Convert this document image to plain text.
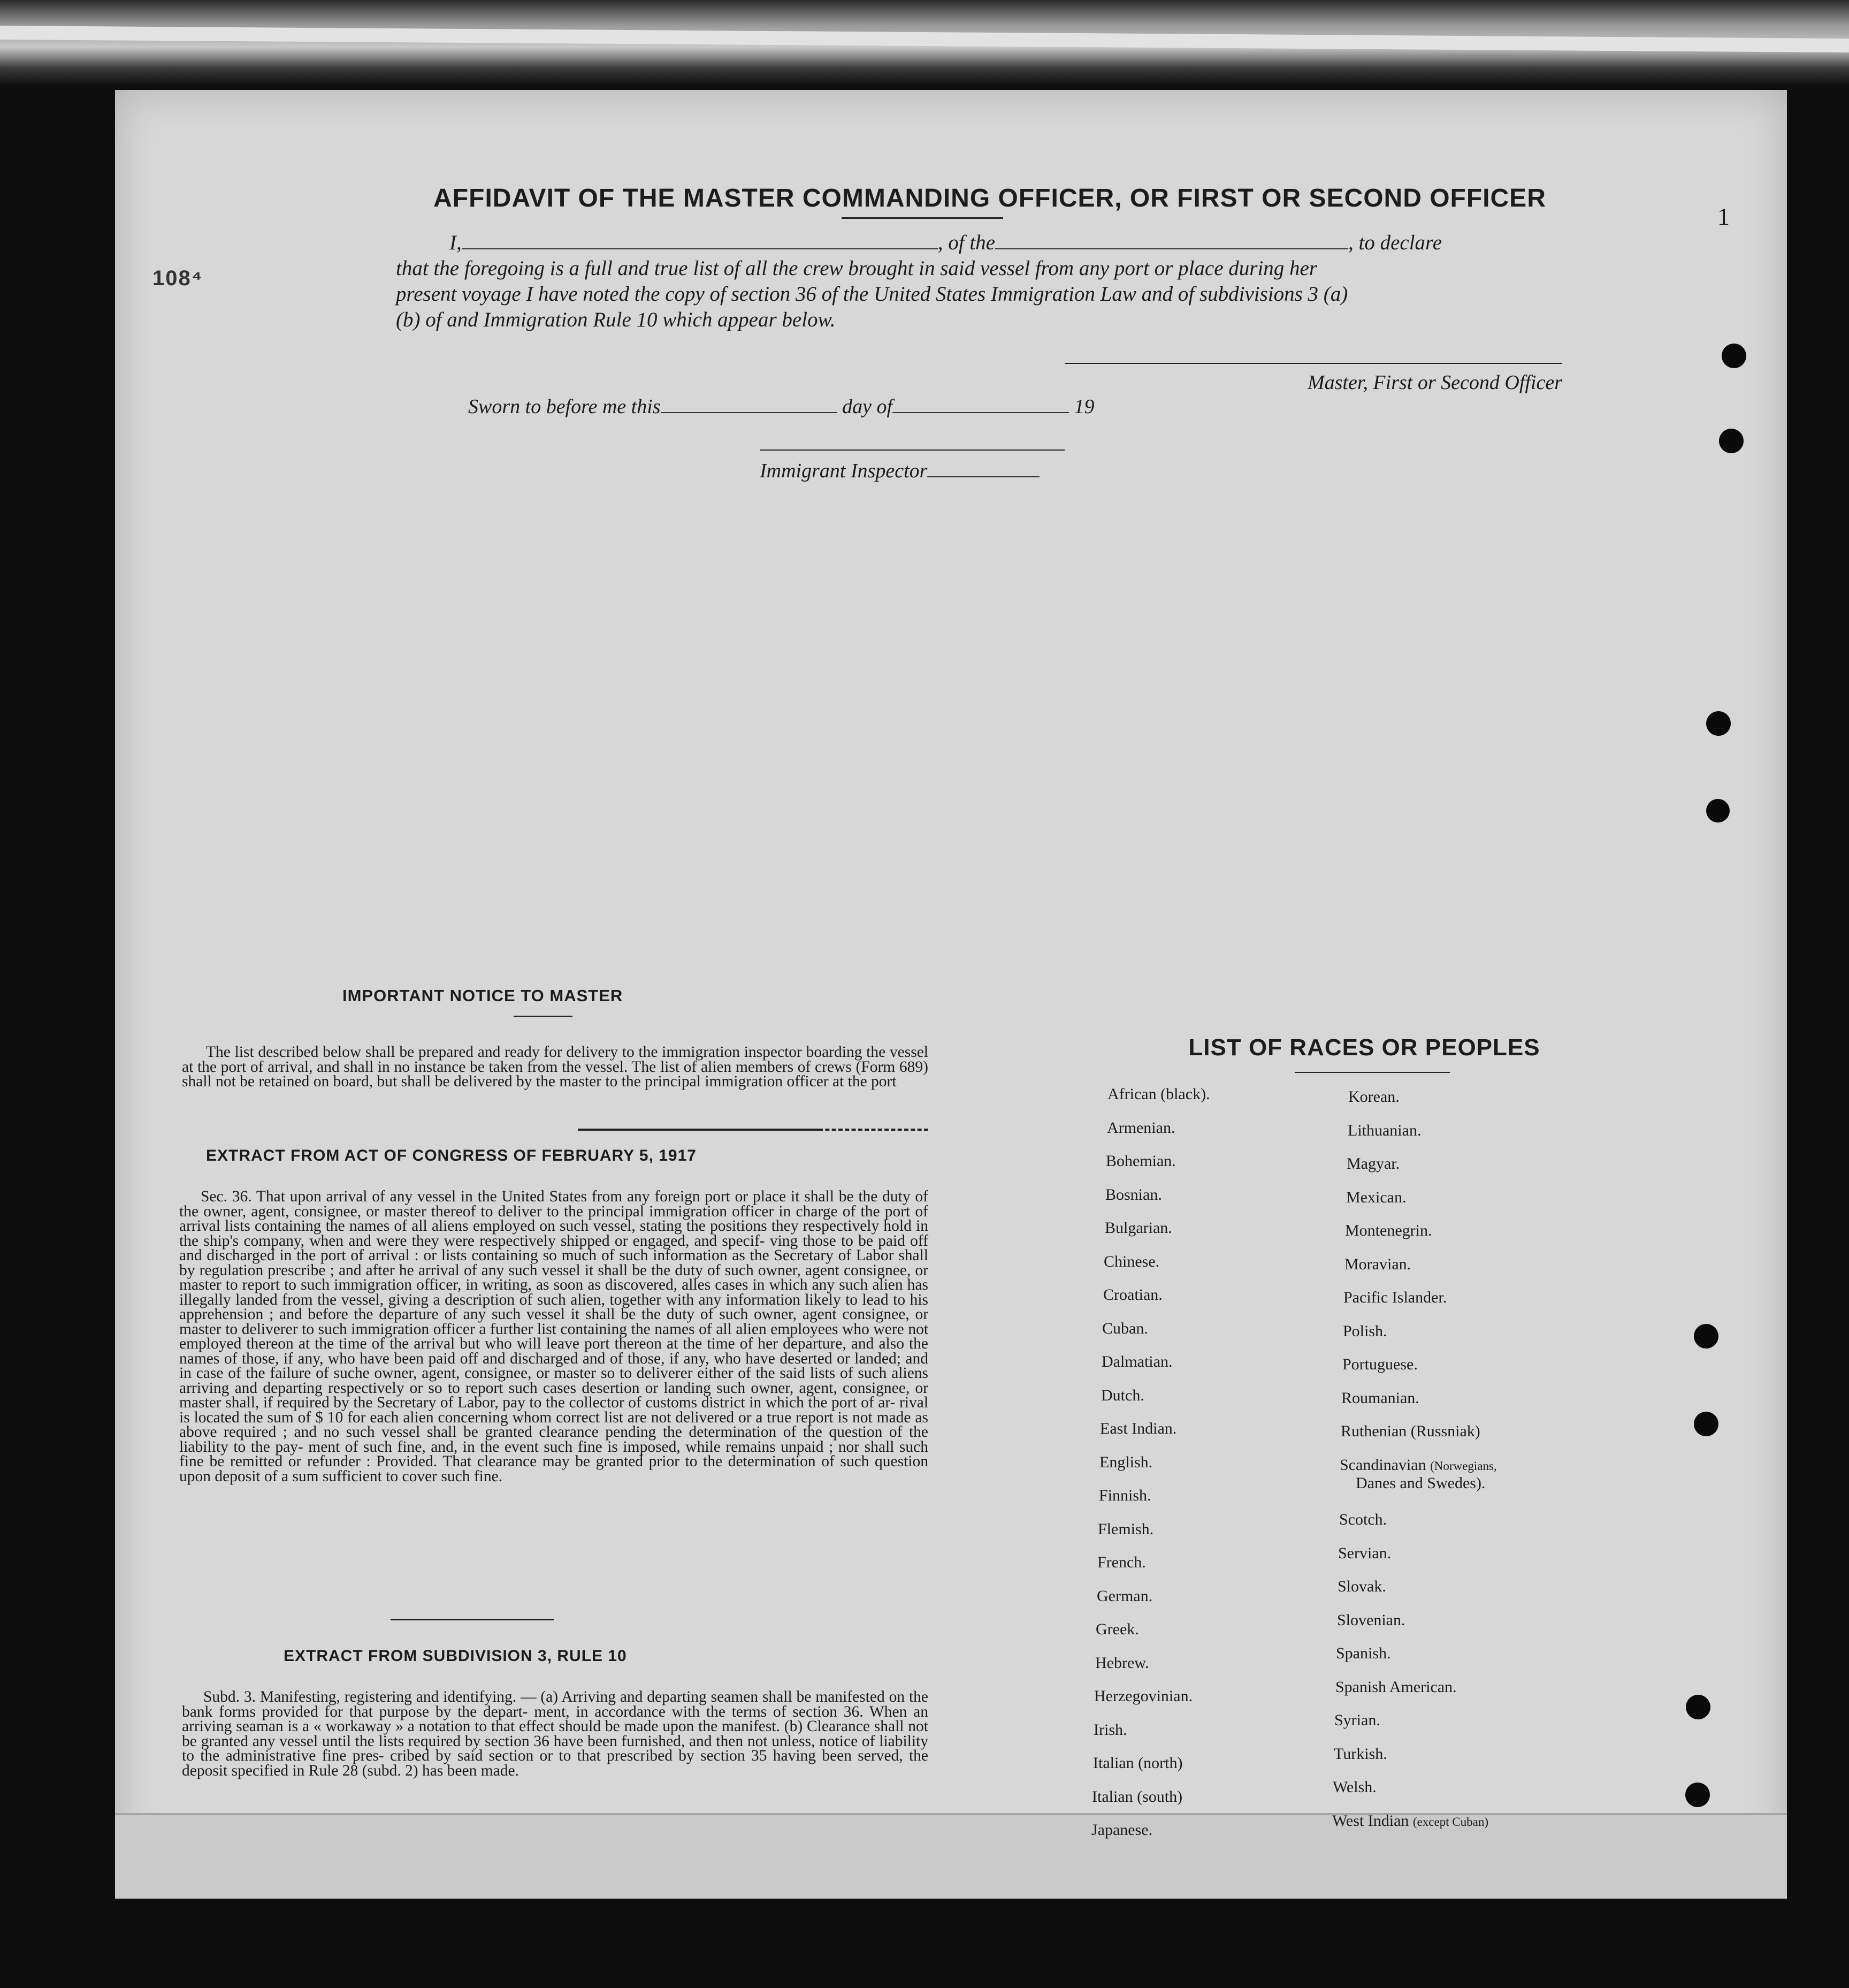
108⁴
1
AFFIDAVIT OF THE MASTER COMMANDING OFFICER, OR FIRST OR SECOND OFFICER
I,	, of the	, to declare
that the foregoing is a full and true list of all the crew brought in said vessel from any port or place during her
present voyage I have noted the copy of section 36 of the United States Immigration Law and of subdivisions 3 (a)
(b) of and Immigration Rule 10 which appear below.
Master, First or Second Officer
Sworn to before me this	day of	19
Immigrant Inspector
IMPORTANT NOTICE TO MASTER
The list described below shall be prepared and ready for delivery to the immigration inspector boarding the vessel at the port of arrival, and shall in no instance be taken from the vessel. The list of alien members of crews (Form 689) shall not be retained on board, but shall be delivered by the master to the principal immigration officer at the port
EXTRACT FROM ACT OF CONGRESS OF FEBRUARY 5, 1917
Sec. 36. That upon arrival of any vessel in the United States from any foreign port or place it shall be the duty of the owner, agent, consignee, or master thereof to deliver to the principal immigration officer in charge of the port of arrival lists containing the names of all aliens employed on such vessel, stating the positions they respectively hold in the ship's company, when and were they were respectively shipped or engaged, and specif- ving those to be paid off and discharged in the port of arrival : or lists containing so much of such information as the Secretary of Labor shall by regulation prescribe ; and after he arrival of any such vessel it shall be the duty of such owner, agent consignee, or master to report to such immigration officer, in writing, as soon as discovered, alles cases in which any such alien has illegally landed from the vessel, giving a description of such alien, together with any information likely to lead to his apprehension ; and before the departure of any such vessel it shall be the duty of such owner, agent consignee, or master to deliverer to such immigration officer a further list containing the names of all alien employees who were not employed thereon at the time of the arrival but who will leave port thereon at the time of her departure, and also the names of those, if any, who have been paid off and discharged and of those, if any, who have deserted or landed; and in case of the failure of suche owner, agent, consignee, or master so to deliverer either of the said lists of such aliens arriving and departing respectively or so to report such cases desertion or landing such owner, agent, consignee, or master shall, if required by the Secretary of Labor, pay to the collector of customs district in which the port of ar- rival is located the sum of $ 10 for each alien concerning whom correct list are not delivered or a true report is not made as above required ; and no such vessel shall be granted clearance pending the determination of the question of the liability to the pay- ment of such fine, and, in the event such fine is imposed, while remains unpaid ; nor shall such fine be remitted or refunder : Provided. That clearance may be granted prior to the determination of such question upon deposit of a sum sufficient to cover such fine.
EXTRACT FROM SUBDIVISION 3, RULE 10
Subd. 3. Manifesting, registering and identifying. — (a) Arriving and departing seamen shall be manifested on the bank forms provided for that purpose by the depart- ment, in accordance with the terms of section 36. When an arriving seaman is a « workaway » a notation to that effect should be made upon the manifest. (b) Clearance shall not be granted any vessel until the lists required by section 36 have been furnished, and then not unless, notice of liability to the administrative fine pres- cribed by said section or to that prescribed by section 35 having been served, the deposit specified in Rule 28 (subd. 2) has been made.
LIST OF RACES OR PEOPLES
African (black).
Armenian.
Bohemian.
Bosnian.
Bulgarian.
Chinese.
Croatian.
Cuban.
Dalmatian.
Dutch.
East Indian.
English.
Finnish.
Flemish.
French.
German.
Greek.
Hebrew.
Herzegovinian.
Irish.
Italian (north)
Italian (south)
Japanese.
Korean.
Lithuanian.
Magyar.
Mexican.
Montenegrin.
Moravian.
Pacific Islander.
Polish.
Portuguese.
Roumanian.
Ruthenian (Russniak)
Scandinavian (Norwegians,
Danes and Swedes).
Scotch.
Servian.
Slovak.
Slovenian.
Spanish.
Spanish American.
Syrian.
Turkish.
Welsh.
West Indian (except Cuban)
